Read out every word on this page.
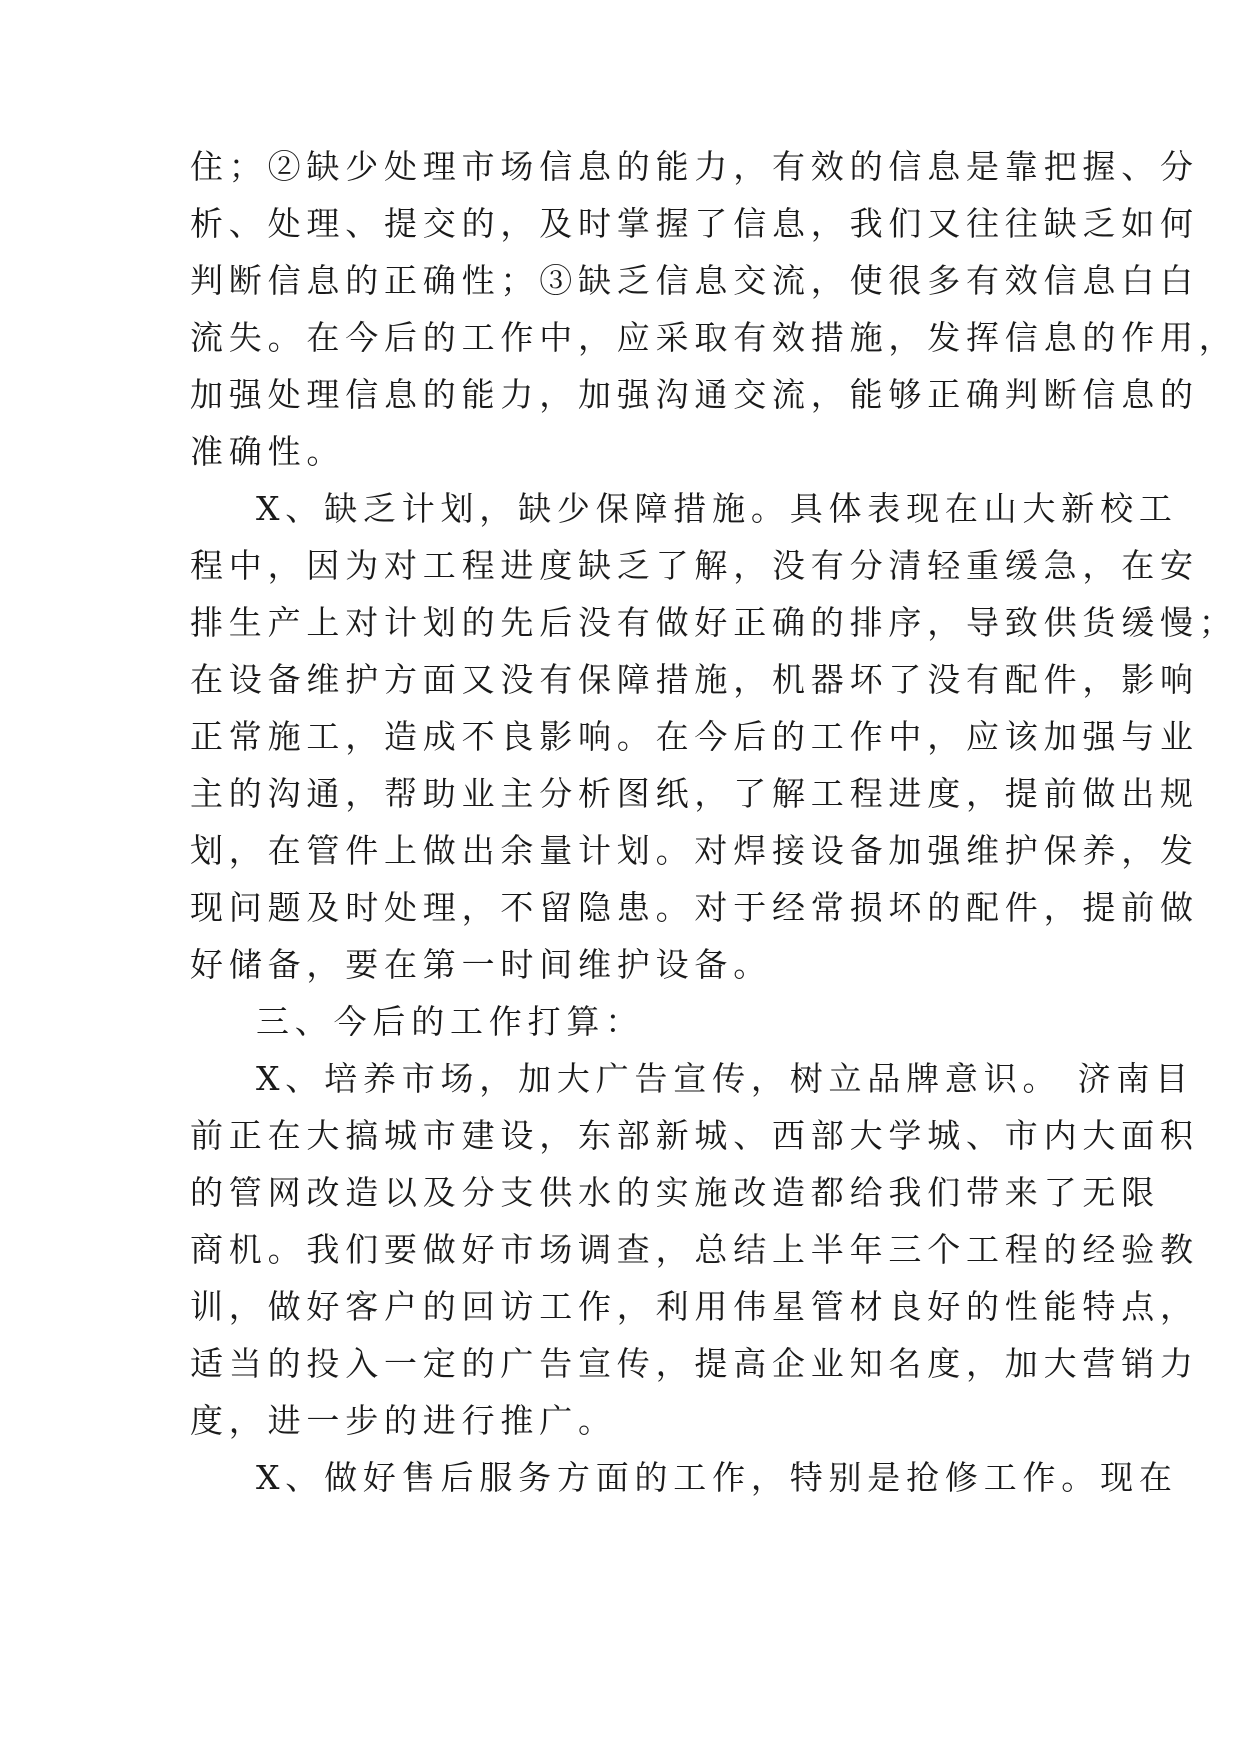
住；②缺少处理市场信息的能力，有效的信息是靠把握、分
析、处理、提交的，及时掌握了信息，我们又往往缺乏如何
判断信息的正确性；③缺乏信息交流，使很多有效信息白白
流失。在今后的工作中，应采取有效措施，发挥信息的作用，
加强处理信息的能力，加强沟通交流，能够正确判断信息的
准确性。
X、缺乏计划，缺少保障措施。具体表现在山大新校工
程中，因为对工程进度缺乏了解，没有分清轻重缓急，在安
排生产上对计划的先后没有做好正确的排序，导致供货缓慢；
在设备维护方面又没有保障措施，机器坏了没有配件，影响
正常施工，造成不良影响。在今后的工作中，应该加强与业
主的沟通，帮助业主分析图纸，了解工程进度，提前做出规
划，在管件上做出余量计划。对焊接设备加强维护保养，发
现问题及时处理，不留隐患。对于经常损坏的配件，提前做
好储备，要在第一时间维护设备。
三、今后的工作打算：
X、培养市场，加大广告宣传，树立品牌意识。 济南目
前正在大搞城市建设，东部新城、西部大学城、市内大面积
的管网改造以及分支供水的实施改造都给我们带来了无限
商机。我们要做好市场调查，总结上半年三个工程的经验教
训，做好客户的回访工作，利用伟星管材良好的性能特点，
适当的投入一定的广告宣传，提高企业知名度，加大营销力
度，进一步的进行推广。
X、做好售后服务方面的工作，特别是抢修工作。现在
